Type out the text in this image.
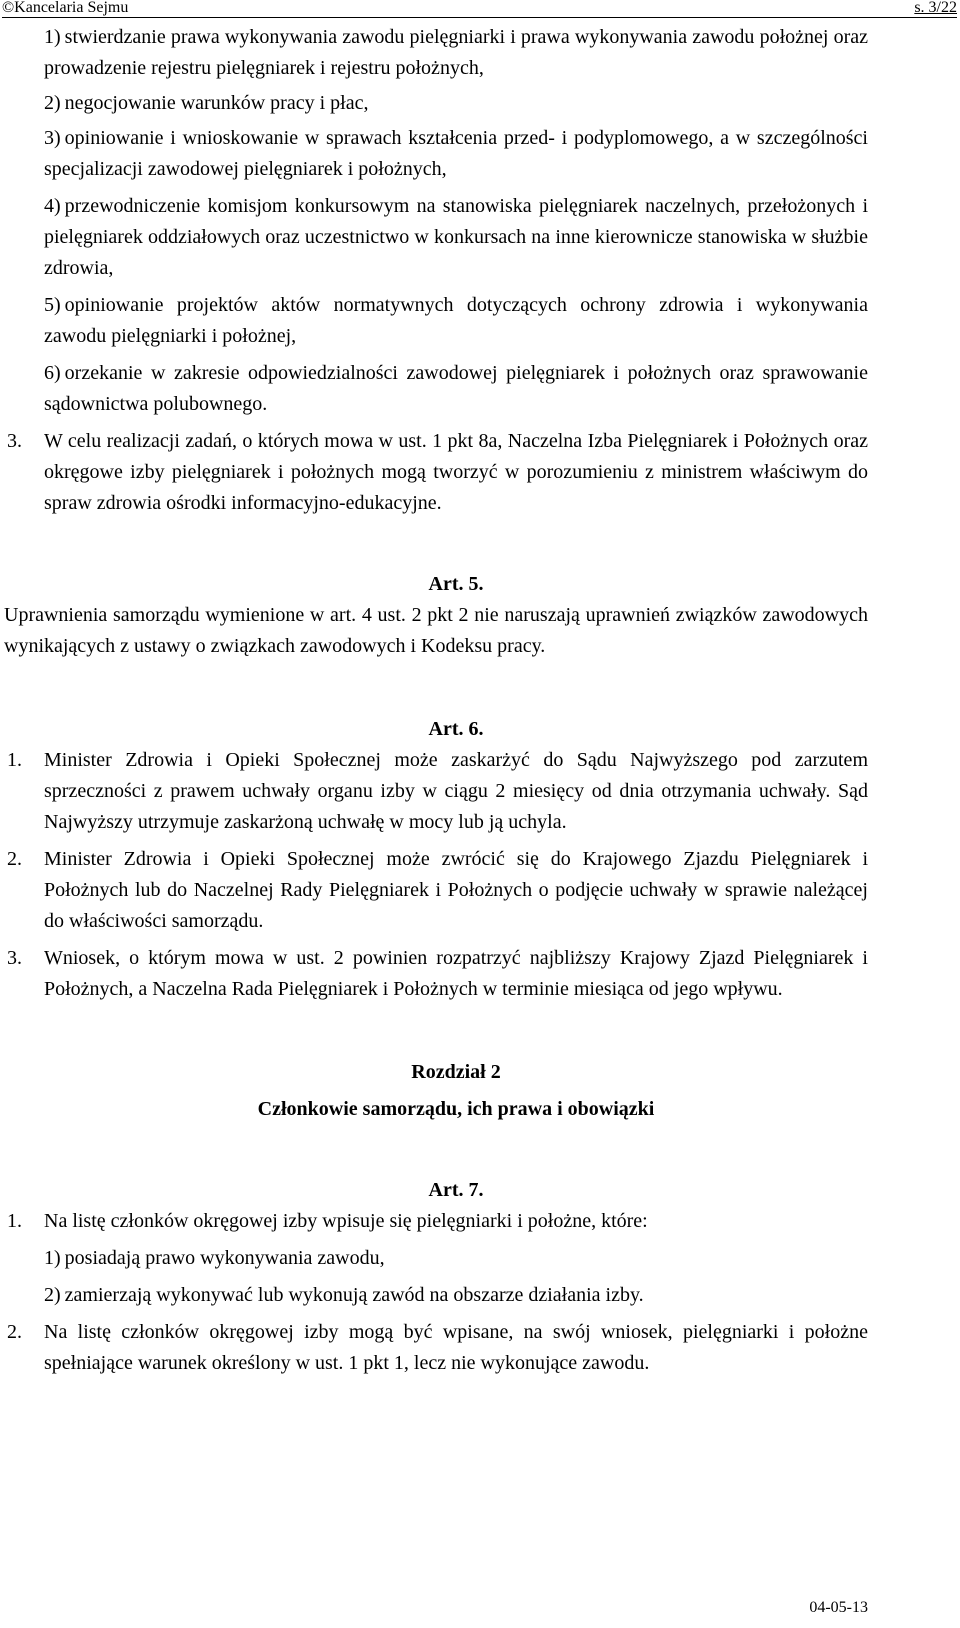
©Kancelaria Sejmu	s. 3/22
1) stwierdzanie prawa wykonywania zawodu pielęgniarki i prawa wykonywania zawodu położnej oraz prowadzenie rejestru pielęgniarek i rejestru położnych,
2) negocjowanie warunków pracy i płac,
3) opiniowanie i wnioskowanie w sprawach kształcenia przed- i podyplomowego, a w szczególności specjalizacji zawodowej pielęgniarek i położnych,
4) przewodniczenie komisjom konkursowym na stanowiska pielęgniarek naczelnych, przełożonych i pielęgniarek oddziałowych oraz uczestnictwo w konkursach na inne kierownicze stanowiska w służbie zdrowia,
5) opiniowanie projektów aktów normatywnych dotyczących ochrony zdrowia i wykonywania zawodu pielęgniarki i położnej,
6) orzekanie w zakresie odpowiedzialności zawodowej pielęgniarek i położnych oraz sprawowanie sądownictwa polubownego.
3. W celu realizacji zadań, o których mowa w ust. 1 pkt 8a, Naczelna Izba Pielęgniarek i Położnych oraz okręgowe izby pielęgniarek i położnych mogą tworzyć w porozumieniu z ministrem właściwym do spraw zdrowia ośrodki informacyjno-edukacyjne.
Art. 5.
Uprawnienia samorządu wymienione w art. 4 ust. 2 pkt 2 nie naruszają uprawnień związków zawodowych wynikających z ustawy o związkach zawodowych i Kodeksu pracy.
Art. 6.
1. Minister Zdrowia i Opieki Społecznej może zaskarżyć do Sądu Najwyższego pod zarzutem sprzeczności z prawem uchwały organu izby w ciągu 2 miesięcy od dnia otrzymania uchwały. Sąd Najwyższy utrzymuje zaskarżoną uchwałę w mocy lub ją uchyla.
2. Minister Zdrowia i Opieki Społecznej może zwrócić się do Krajowego Zjazdu Pielęgniarek i Położnych lub do Naczelnej Rady Pielęgniarek i Położnych o podjęcie uchwały w sprawie należącej do właściwości samorządu.
3. Wniosek, o którym mowa w ust. 2 powinien rozpatrzyć najbliższy Krajowy Zjazd Pielęgniarek i Położnych, a Naczelna Rada Pielęgniarek i Położnych w terminie miesiąca od jego wpływu.
Rozdział 2
Członkowie samorządu, ich prawa i obowiązki
Art. 7.
1. Na listę członków okręgowej izby wpisuje się pielęgniarki i położne, które:
1) posiadają prawo wykonywania zawodu,
2) zamierzają wykonywać lub wykonują zawód na obszarze działania izby.
2. Na listę członków okręgowej izby mogą być wpisane, na swój wniosek, pielęgniarki i położne spełniające warunek określony w ust. 1 pkt 1, lecz nie wykonujące zawodu.
04-05-13
